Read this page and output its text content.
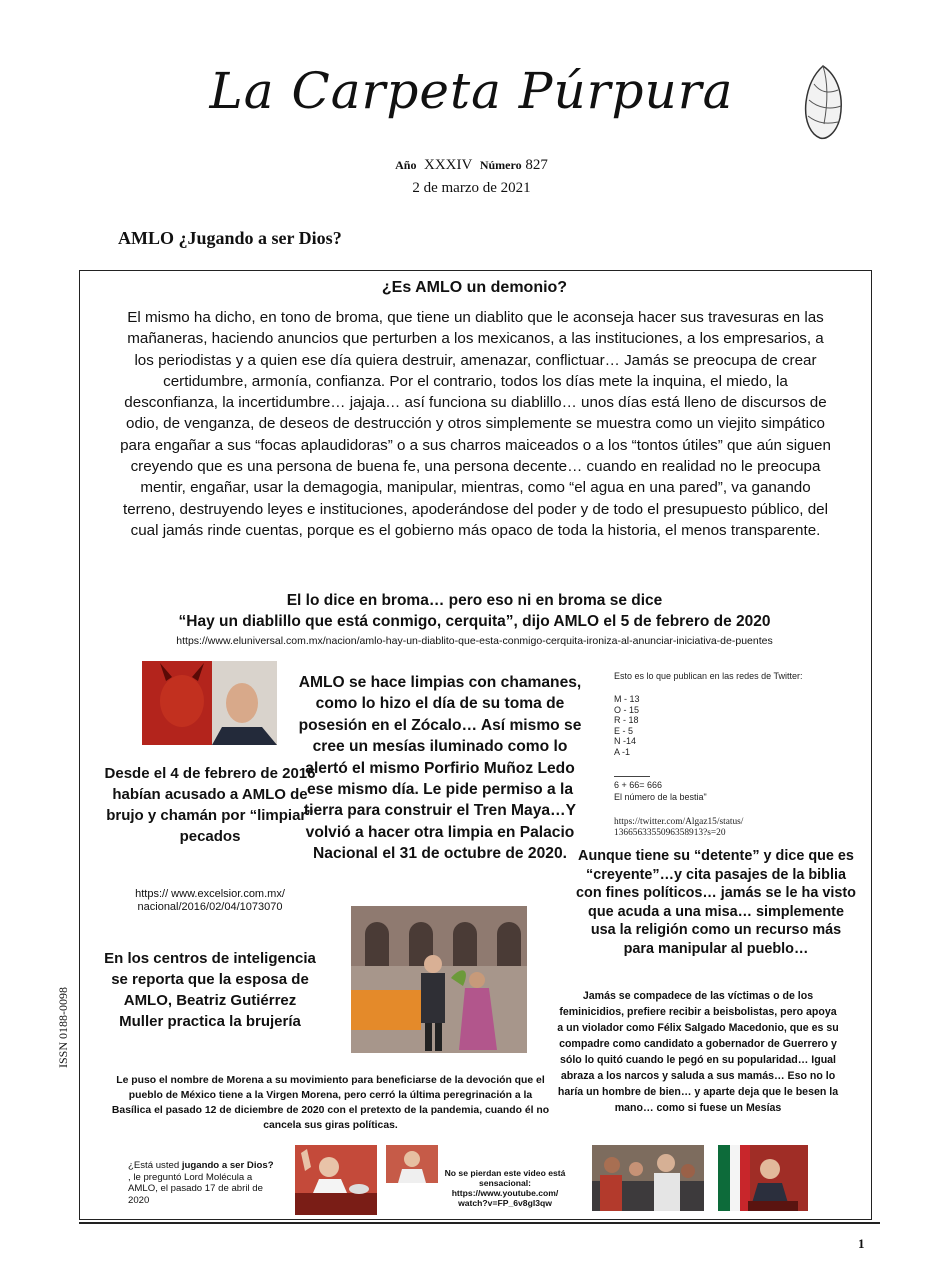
La Carpeta Púrpura
Año XXXIV Número 827
2 de marzo de 2021
AMLO ¿Jugando a ser Dios?
ISSN 0188-0098
¿Es AMLO un demonio?
El mismo ha dicho, en tono de broma, que tiene un diablito que le aconseja hacer sus travesuras en las mañaneras, haciendo anuncios que perturben a los mexicanos, a las instituciones, a los empresarios, a los periodistas y a quien ese día quiera destruir, amenazar, conflictuar… Jamás se preocupa de crear certidumbre, armonía, confianza. Por el contrario, todos los días mete la inquina, el miedo, la desconfianza, la incertidumbre… jajaja… así funciona su diablillo… unos días está lleno de discursos de odio, de venganza, de deseos de destrucción y otros simplemente se muestra como un viejito simpático para engañar a sus “focas aplaudidoras” o a sus charros maiceados o a los “tontos útiles” que aún siguen creyendo que es una persona de buena fe, una persona decente… cuando en realidad no le preocupa mentir, engañar, usar la demagogia, manipular, mientras, como “el agua en una pared”, va ganando terreno, destruyendo leyes e instituciones, apoderándose del poder y de todo el presupuesto público, del cual jamás rinde cuentas, porque es el gobierno más opaco de toda la historia, el menos transparente.
El lo dice en broma… pero eso ni en broma se dice
“Hay un diablillo que está conmigo, cerquita”, dijo AMLO el 5 de febrero de 2020
https://www.eluniversal.com.mx/nacion/amlo-hay-un-diablito-que-esta-conmigo-cerquita-ironiza-al-anunciar-iniciativa-de-puentes
Desde el 4 de febrero de 2016 habían acusado a AMLO de brujo y chamán por “limpiar” pecados
https:// www.excelsior.com.mx/ nacional/2016/02/04/1073070
En los centros de inteligencia se reporta que la esposa de AMLO, Beatriz Gutiérrez Muller practica la brujería
AMLO se hace limpias con chamanes, como lo hizo el día de su toma de posesión en el Zócalo… Así mismo se cree un mesías iluminado como lo alertó el mismo Porfirio Muñoz Ledo ese mismo día. Le pide permiso a la tierra para construir el Tren Maya…Y volvió a hacer otra limpia en Palacio Nacional el 31 de octubre de 2020.
Esto es lo que publican en las redes de Twitter:
M - 13
O - 15
R - 18
E - 5
N -14
A -1
6 + 66= 666
El número de la bestia"
https://twitter.com/Algaz15/status/ 136656335509635891​3?s=20
Aunque tiene su “detente” y dice que es “creyente”…y cita pasajes de la biblia con fines políticos… jamás se le ha visto que acuda a una misa… simplemente usa la religión como un recurso más para manipular al pueblo…
Jamás se compadece de las víctimas o de los feminicidios, prefiere recibir a beisbolistas, pero apoya a un violador como Félix Salgado Macedonio, que es su compadre como candidato a gobernador de Guerrero y sólo lo quitó cuando le pegó en su popularidad… Igual abraza a los narcos y saluda a sus mamás… Eso no lo haría un hombre de bien… y aparte deja que le besen la mano… como si fuese un Mesías
Le puso el nombre de Morena a su movimiento para beneficiarse de la devoción que el pueblo de México tiene a la Virgen Morena, pero cerró la última peregrinación a la Basílica el pasado 12 de diciembre de 2020 con el pretexto de la pandemia, cuando él no cancela sus giras políticas.
¿Está usted jugando a ser Dios? , le preguntó Lord Molécula a AMLO, el pasado 17 de abril de 2020
No se pierdan este video está sensacional: https://www.youtube.com/ watch?v=FP_6v8gl3qw
1
